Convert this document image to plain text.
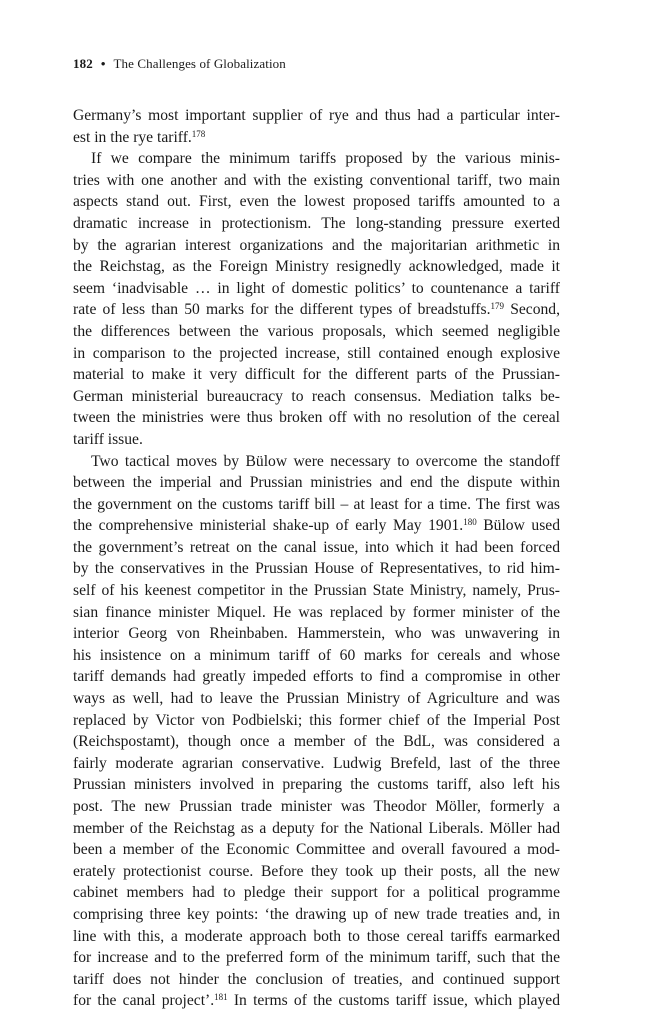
182 • The Challenges of Globalization
Germany’s most important supplier of rye and thus had a particular inter-
est in the rye tariff.$^{178}$
If we compare the minimum tariffs proposed by the various minis-
tries with one another and with the existing conventional tariff, two main
aspects stand out. First, even the lowest proposed tariffs amounted to a
dramatic increase in protectionism. The long-standing pressure exerted
by the agrarian interest organizations and the majoritarian arithmetic in
the Reichstag, as the Foreign Ministry resignedly acknowledged, made it
seem ‘inadvisable … in light of domestic politics’ to countenance a tariff
rate of less than 50 marks for the different types of breadstuffs.$^{179}$ Second,
the differences between the various proposals, which seemed negligible
in comparison to the projected increase, still contained enough explosive
material to make it very difficult for the different parts of the Prussian-
German ministerial bureaucracy to reach consensus. Mediation talks be-
tween the ministries were thus broken off with no resolution of the cereal
tariff issue.
Two tactical moves by Bülow were necessary to overcome the standoff
between the imperial and Prussian ministries and end the dispute within
the government on the customs tariff bill – at least for a time. The first was
the comprehensive ministerial shake-up of early May 1901.$^{180}$ Bülow used
the government’s retreat on the canal issue, into which it had been forced
by the conservatives in the Prussian House of Representatives, to rid him-
self of his keenest competitor in the Prussian State Ministry, namely, Prus-
sian finance minister Miquel. He was replaced by former minister of the
interior Georg von Rheinbaben. Hammerstein, who was unwavering in
his insistence on a minimum tariff of 60 marks for cereals and whose
tariff demands had greatly impeded efforts to find a compromise in other
ways as well, had to leave the Prussian Ministry of Agriculture and was
replaced by Victor von Podbielski; this former chief of the Imperial Post
(Reichspostamt), though once a member of the BdL, was considered a
fairly moderate agrarian conservative. Ludwig Brefeld, last of the three
Prussian ministers involved in preparing the customs tariff, also left his
post. The new Prussian trade minister was Theodor Möller, formerly a
member of the Reichstag as a deputy for the National Liberals. Möller had
been a member of the Economic Committee and overall favoured a mod-
erately protectionist course. Before they took up their posts, all the new
cabinet members had to pledge their support for a political programme
comprising three key points: ‘the drawing up of new trade treaties and, in
line with this, a moderate approach both to those cereal tariffs earmarked
for increase and to the preferred form of the minimum tariff, such that the
tariff does not hinder the conclusion of treaties, and continued support
for the canal project’.$^{181}$ In terms of the customs tariff issue, which played
